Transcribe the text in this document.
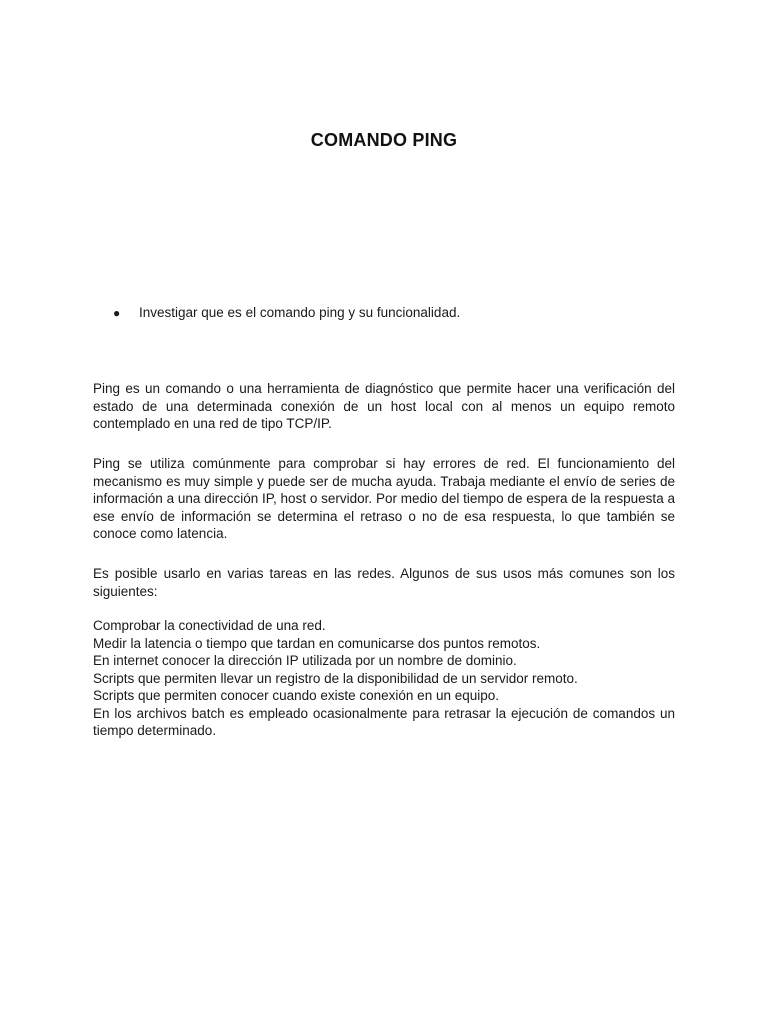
COMANDO PING
●	Investigar que es el comando ping y su funcionalidad.

Ping es un comando o una herramienta de diagnóstico que permite hacer una verificación del estado de una determinada conexión de un host local con al menos un equipo remoto contemplado en una red de tipo TCP/IP.

Ping se utiliza comúnmente para comprobar si hay errores de red. El funcionamiento del mecanismo es muy simple y puede ser de mucha ayuda. Trabaja mediante el envío de series de información a una dirección IP, host o servidor. Por medio del tiempo de espera de la respuesta a ese envío de información se determina el retraso o no de esa respuesta, lo que también se conoce como latencia.

Es posible usarlo en varias tareas en las redes. Algunos de sus usos más comunes son los siguientes:

Comprobar la conectividad de una red.
Medir la latencia o tiempo que tardan en comunicarse dos puntos remotos.
En internet conocer la dirección IP utilizada por un nombre de dominio.
Scripts que permiten llevar un registro de la disponibilidad de un servidor remoto.
Scripts que permiten conocer cuando existe conexión en un equipo.
En los archivos batch es empleado ocasionalmente para retrasar la ejecución de comandos un tiempo determinado.
